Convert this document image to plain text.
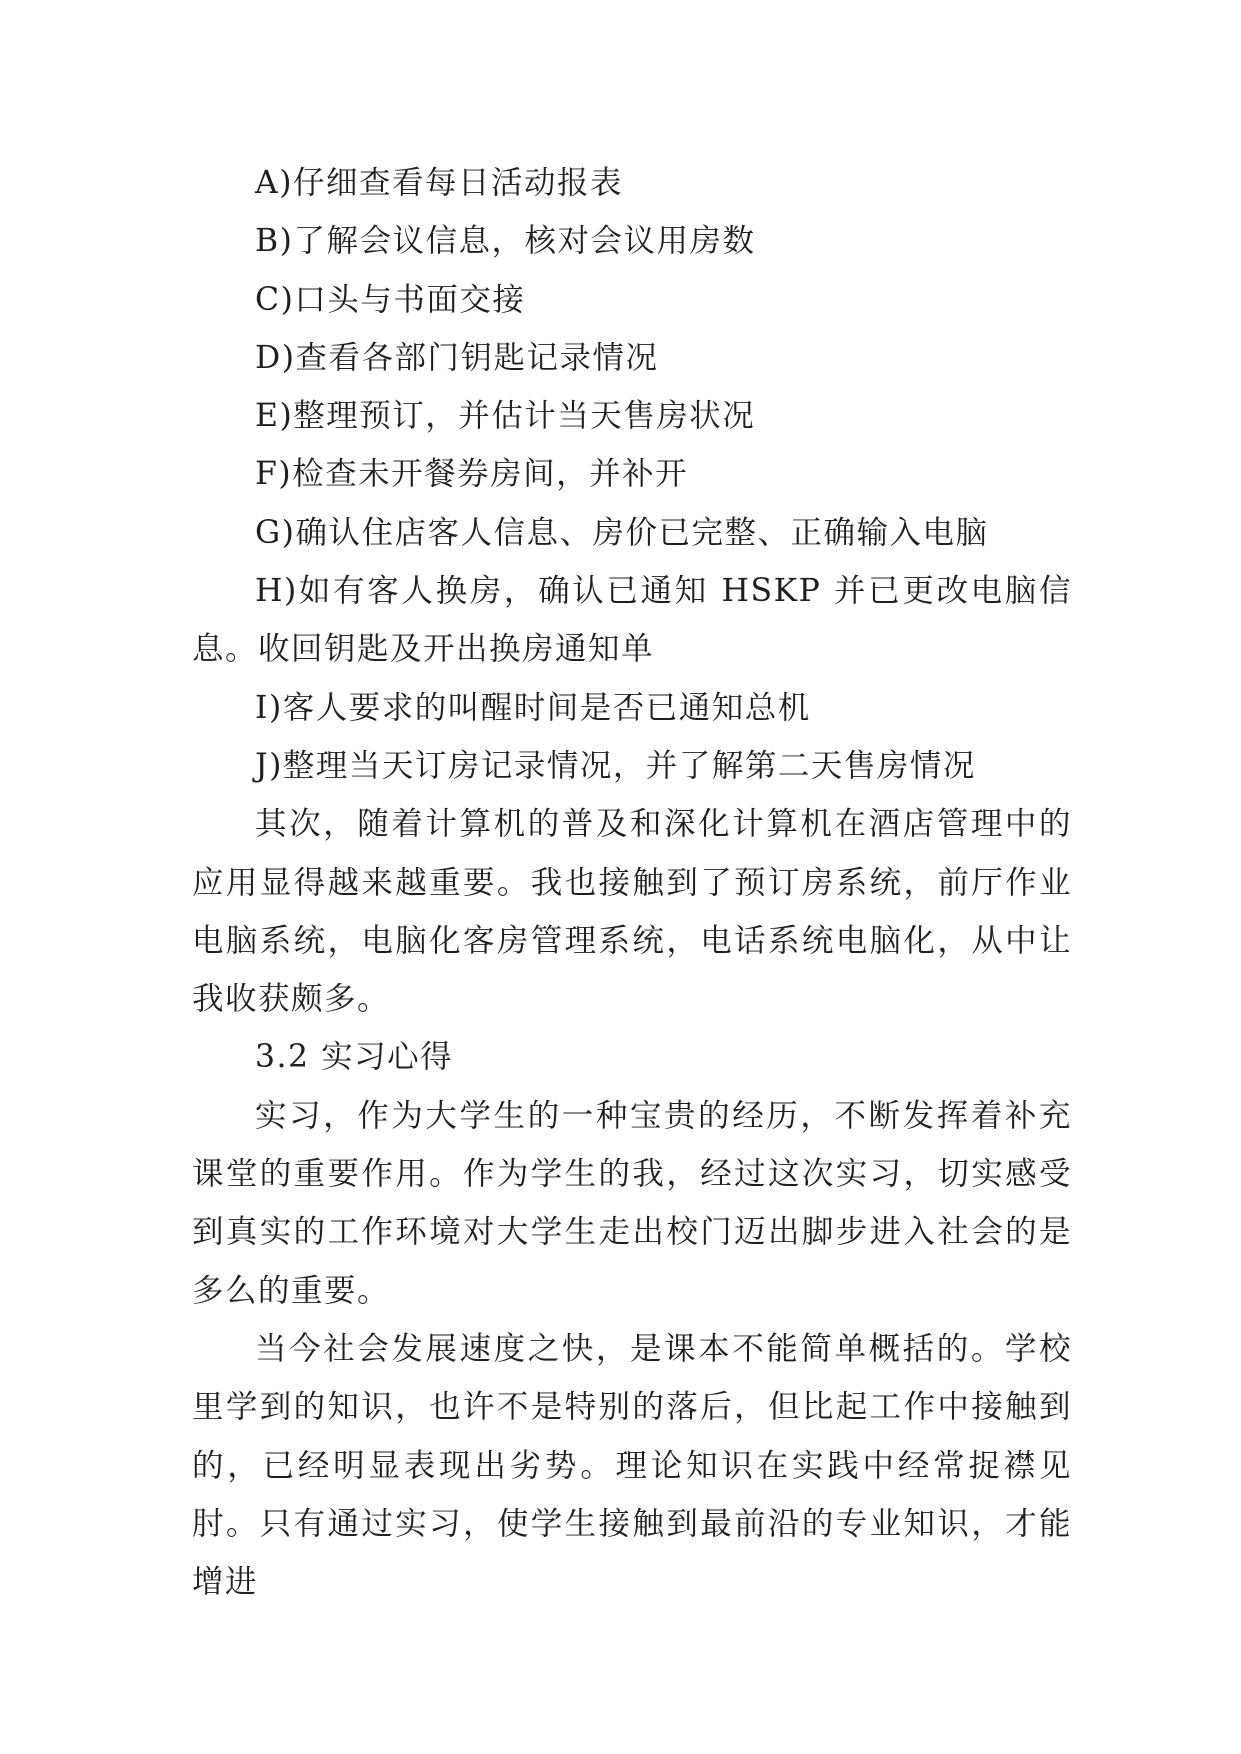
A)仔细查看每日活动报表

B)了解会议信息，核对会议用房数

C)口头与书面交接

D)查看各部门钥匙记录情况

E)整理预订，并估计当天售房状况

F)检查未开餐券房间，并补开

G)确认住店客人信息、房价已完整、正确输入电脑

H)如有客人换房，确认已通知 HSKP 并已更改电脑信息。收回钥匙及开出换房通知单

I)客人要求的叫醒时间是否已通知总机

J)整理当天订房记录情况，并了解第二天售房情况

其次，随着计算机的普及和深化计算机在酒店管理中的应用显得越来越重要。我也接触到了预订房系统，前厅作业电脑系统，电脑化客房管理系统，电话系统电脑化，从中让我收获颇多。

3.2 实习心得

实习，作为大学生的一种宝贵的经历，不断发挥着补充课堂的重要作用。作为学生的我，经过这次实习，切实感受到真实的工作环境对大学生走出校门迈出脚步进入社会的是多么的重要。

当今社会发展速度之快，是课本不能简单概括的。学校里学到的知识，也许不是特别的落后，但比起工作中接触到的，已经明显表现出劣势。理论知识在实践中经常捉襟见肘。只有通过实习，使学生接触到最前沿的专业知识，才能增进
